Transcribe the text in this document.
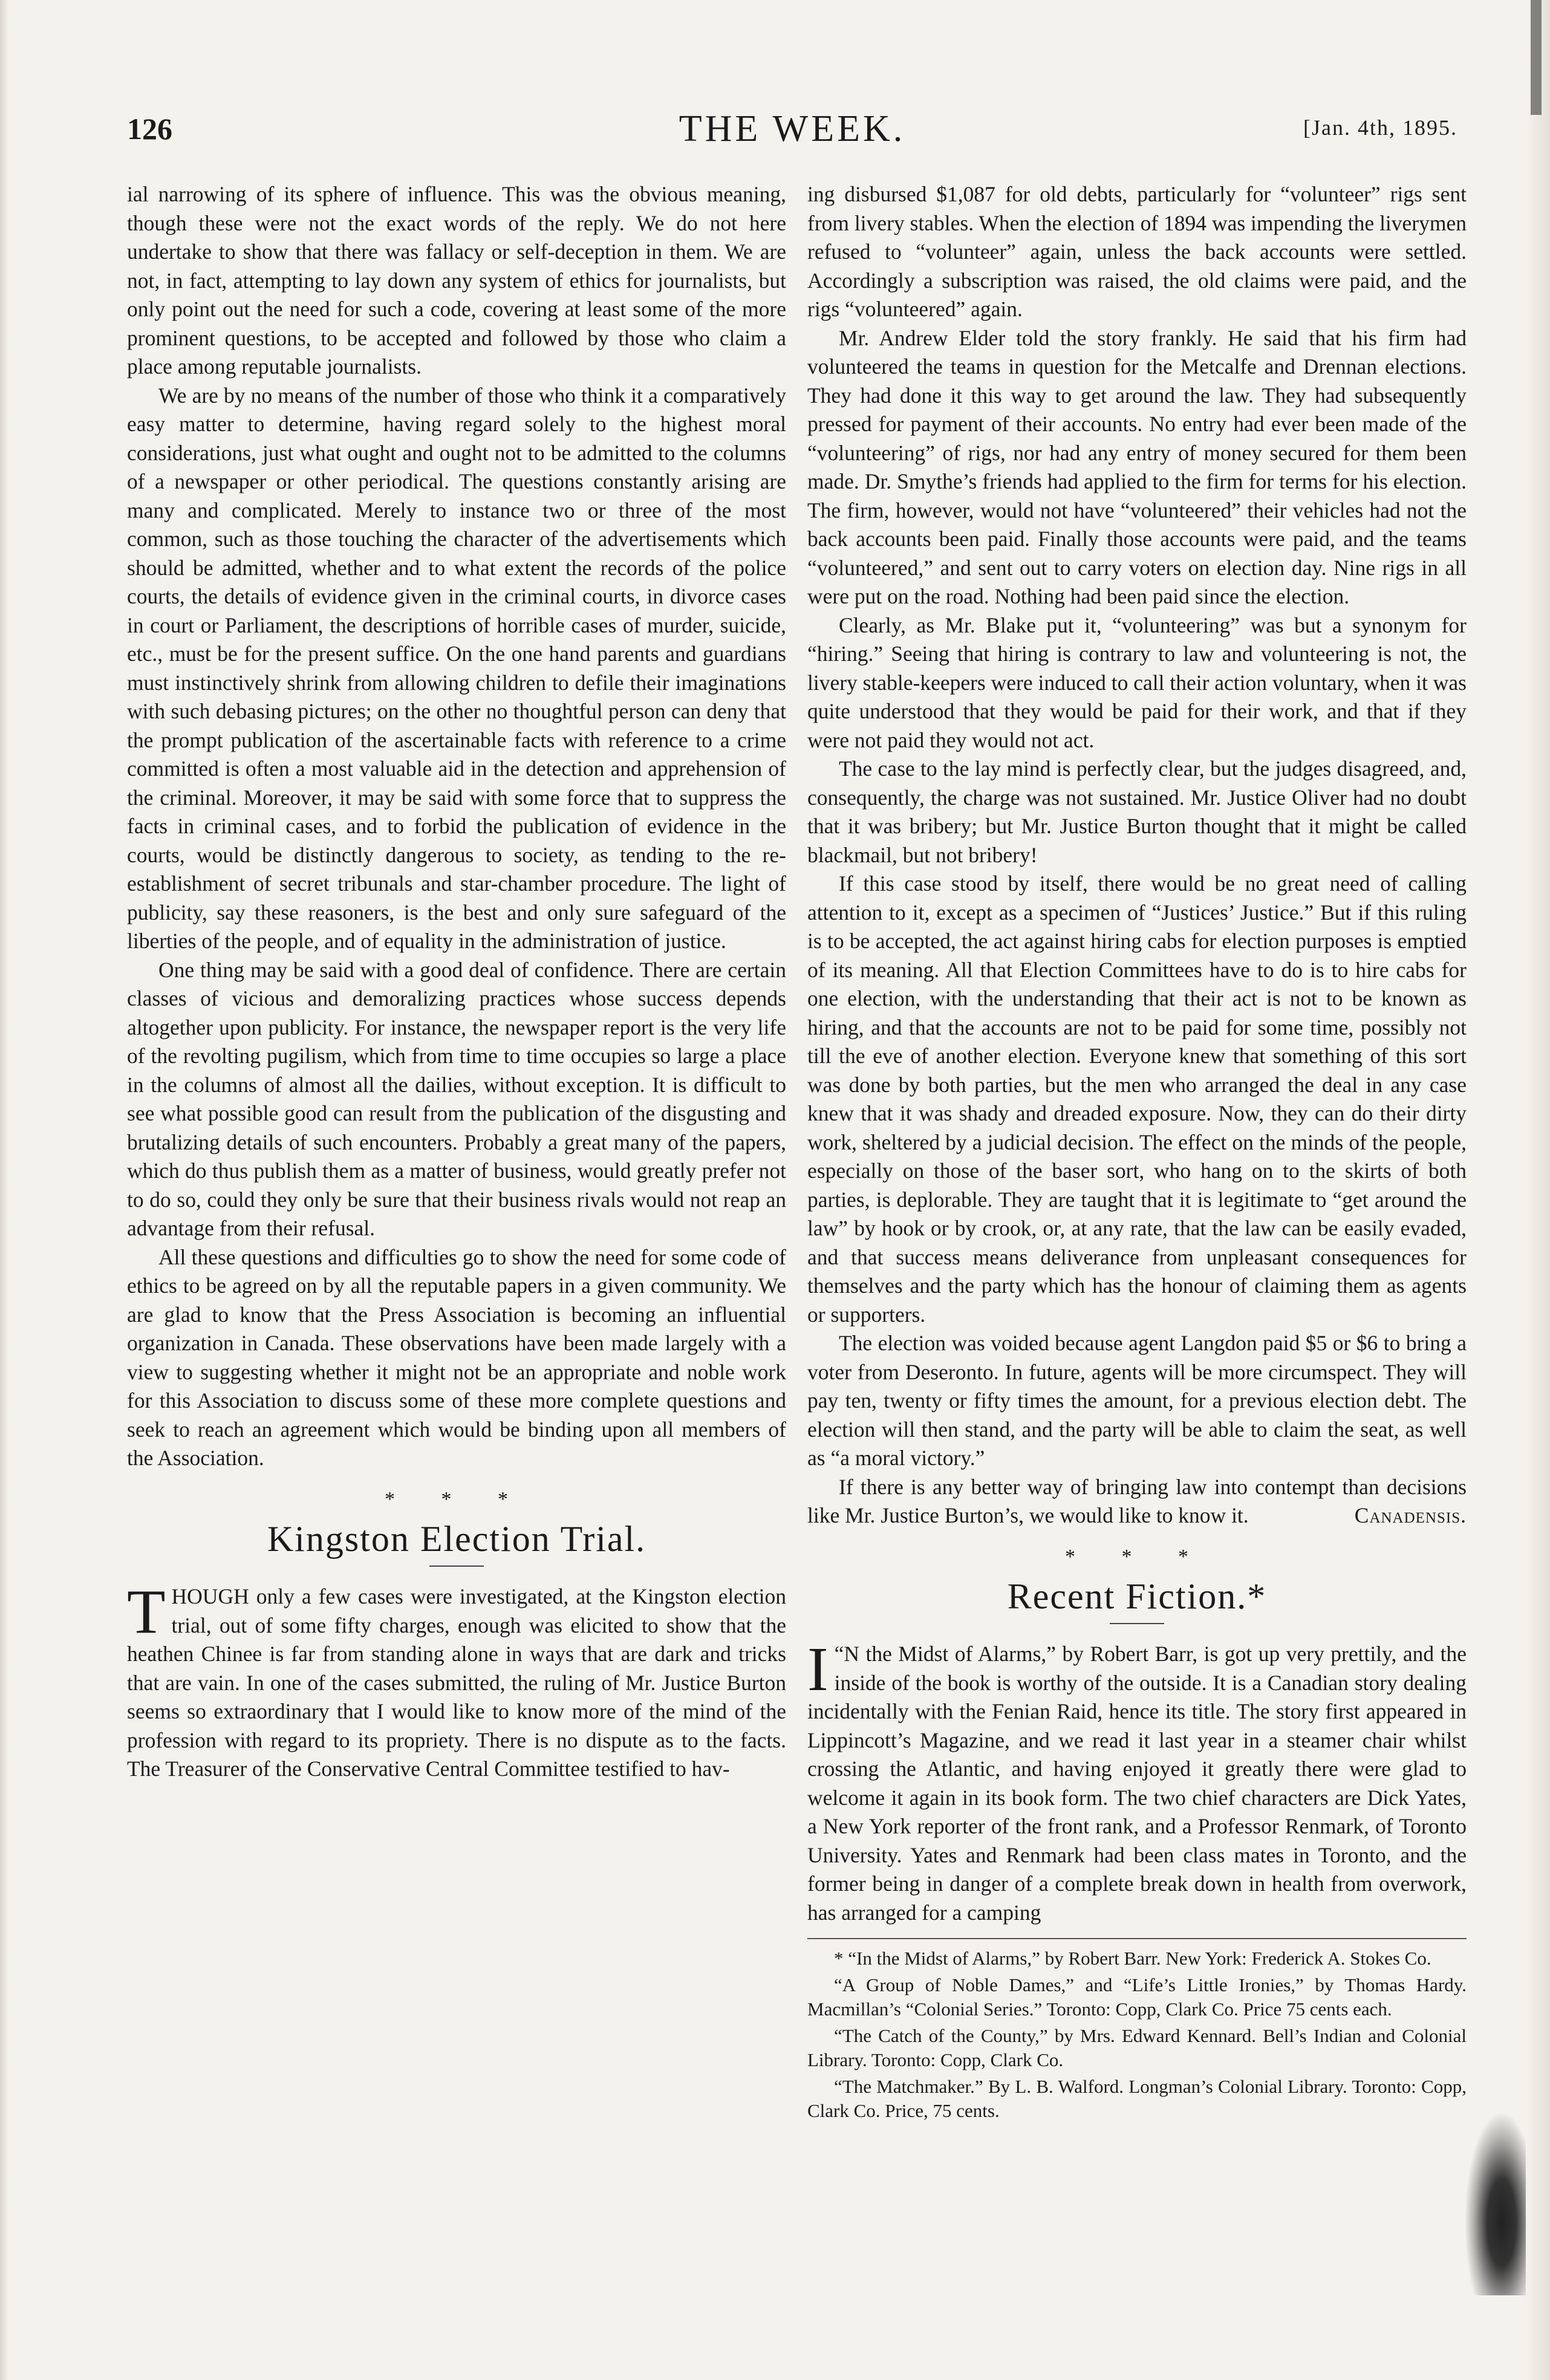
126	THE WEEK.	[Jan. 4th, 1895.

ial narrowing of its sphere of influence. This was the obvious meaning, though these were not the exact words of the reply. We do not here undertake to show that there was fallacy or self-deception in them. We are not, in fact, attempting to lay down any system of ethics for journalists, but only point out the need for such a code, covering at least some of the more prominent questions, to be accepted and followed by those who claim a place among reputable journalists.

We are by no means of the number of those who think it a comparatively easy matter to determine, having regard solely to the highest moral considerations, just what ought and ought not to be admitted to the columns of a newspaper or other periodical. The questions constantly arising are many and complicated. Merely to instance two or three of the most common, such as those touching the character of the advertisements which should be admitted, whether and to what extent the records of the police courts, the details of evidence given in the criminal courts, in divorce cases in court or Parliament, the descriptions of horrible cases of murder, suicide, etc., must be for the present suffice. On the one hand parents and guardians must instinctively shrink from allowing children to defile their imaginations with such debasing pictures; on the other no thoughtful person can deny that the prompt publication of the ascertainable facts with reference to a crime committed is often a most valuable aid in the detection and apprehension of the criminal. Moreover, it may be said with some force that to suppress the facts in criminal cases, and to forbid the publication of evidence in the courts, would be distinctly dangerous to society, as tending to the re-establishment of secret tribunals and star-chamber procedure. The light of publicity, say these reasoners, is the best and only sure safeguard of the liberties of the people, and of equality in the administration of justice.

One thing may be said with a good deal of confidence. There are certain classes of vicious and demoralizing practices whose success depends altogether upon publicity. For instance, the newspaper report is the very life of the revolting pugilism, which from time to time occupies so large a place in the columns of almost all the dailies, without exception. It is difficult to see what possible good can result from the publication of the disgusting and brutalizing details of such encounters. Probably a great many of the papers, which do thus publish them as a matter of business, would greatly prefer not to do so, could they only be sure that their business rivals would not reap an advantage from their refusal.

All these questions and difficulties go to show the need for some code of ethics to be agreed on by all the reputable papers in a given community. We are glad to know that the Press Association is becoming an influential organization in Canada. These observations have been made largely with a view to suggesting whether it might not be an appropriate and noble work for this Association to discuss some of these more complete questions and seek to reach an agreement which would be binding upon all members of the Association.

* * *
Kingston Election Trial.

THOUGH only a few cases were investigated, at the Kingston election trial, out of some fifty charges, enough was elicited to show that the heathen Chinee is far from standing alone in ways that are dark and tricks that are vain. In one of the cases submitted, the ruling of Mr. Justice Burton seems so extraordinary that I would like to know more of the mind of the profession with regard to its propriety. There is no dispute as to the facts. The Treasurer of the Conservative Central Committee testified to hav-

ing disbursed $1,087 for old debts, particularly for “volunteer” rigs sent from livery stables. When the election of 1894 was impending the liverymen refused to “volunteer” again, unless the back accounts were settled. Accordingly a subscription was raised, the old claims were paid, and the rigs “volunteered” again.

Mr. Andrew Elder told the story frankly. He said that his firm had volunteered the teams in question for the Metcalfe and Drennan elections. They had done it this way to get around the law. They had subsequently pressed for payment of their accounts. No entry had ever been made of the “volunteering” of rigs, nor had any entry of money secured for them been made. Dr. Smythe’s friends had applied to the firm for terms for his election. The firm, however, would not have “volunteered” their vehicles had not the back accounts been paid. Finally those accounts were paid, and the teams “volunteered,” and sent out to carry voters on election day. Nine rigs in all were put on the road. Nothing had been paid since the election.

Clearly, as Mr. Blake put it, “volunteering” was but a synonym for “hiring.” Seeing that hiring is contrary to law and volunteering is not, the livery stable-keepers were induced to call their action voluntary, when it was quite understood that they would be paid for their work, and that if they were not paid they would not act.

The case to the lay mind is perfectly clear, but the judges disagreed, and, consequently, the charge was not sustained. Mr. Justice Oliver had no doubt that it was bribery; but Mr. Justice Burton thought that it might be called blackmail, but not bribery!

If this case stood by itself, there would be no great need of calling attention to it, except as a specimen of “Justices’ Justice.” But if this ruling is to be accepted, the act against hiring cabs for election purposes is emptied of its meaning. All that Election Committees have to do is to hire cabs for one election, with the understanding that their act is not to be known as hiring, and that the accounts are not to be paid for some time, possibly not till the eve of another election. Everyone knew that something of this sort was done by both parties, but the men who arranged the deal in any case knew that it was shady and dreaded exposure. Now, they can do their dirty work, sheltered by a judicial decision. The effect on the minds of the people, especially on those of the baser sort, who hang on to the skirts of both parties, is deplorable. They are taught that it is legitimate to “get around the law” by hook or by crook, or, at any rate, that the law can be easily evaded, and that success means deliverance from unpleasant consequences for themselves and the party which has the honour of claiming them as agents or supporters.

The election was voided because agent Langdon paid $5 or $6 to bring a voter from Deseronto. In future, agents will be more circumspect. They will pay ten, twenty or fifty times the amount, for a previous election debt. The election will then stand, and the party will be able to claim the seat, as well as “a moral victory.”

If there is any better way of bringing law into contempt than decisions like Mr. Justice Burton’s, we would like to know it.	Canadensis.

* * *
Recent Fiction.*

“
I N the Midst of Alarms,” by Robert Barr, is got up very prettily, and the inside of the book is worthy of the outside. It is a Canadian story dealing incidentally with the Fenian Raid, hence its title. The story first appeared in Lippincott’s Magazine, and we read it last year in a steamer chair whilst crossing the Atlantic, and having enjoyed it greatly there were glad to welcome it again in its book form. The two chief characters are Dick Yates, a New York reporter of the front rank, and a Professor Renmark, of Toronto University. Yates and Renmark had been class mates in Toronto, and the former being in danger of a complete break down in health from overwork, has arranged for a camping

* “In the Midst of Alarms,” by Robert Barr. New York: Frederick A. Stokes Co.

“A Group of Noble Dames,” and “Life’s Little Ironies,” by Thomas Hardy. Macmillan’s “Colonial Series.” Toronto: Copp, Clark Co. Price 75 cents each.

“The Catch of the County,” by Mrs. Edward Kennard. Bell’s Indian and Colonial Library. Toronto: Copp, Clark Co.

“The Matchmaker.” By L. B. Walford. Longman’s Colonial Library. Toronto: Copp, Clark Co. Price, 75 cents.
